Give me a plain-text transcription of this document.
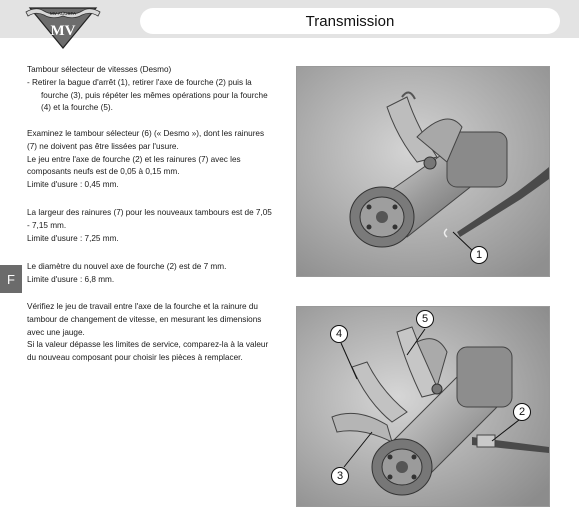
MV AGUSTA
MV
Transmission

Tambour sélecteur de vitesses (Desmo)

- Retirer la bague d'arrêt (1), retirer l'axe de fourche (2) puis la

fourche (3), puis répéter les mêmes opérations pour la fourche

(4) et la fourche (5).

Examinez le tambour sélecteur (6) (« Desmo »), dont les rainures

(7) ne doivent pas être lissées par l'usure.

Le jeu entre l'axe de fourche (2) et les rainures (7) avec les

composants neufs est de 0,05 à 0,15 mm.

Limite d'usure : 0,45 mm.

La largeur des rainures (7) pour les nouveaux tambours est de 7,05

- 7,15 mm.

Limite d'usure : 7,25 mm.

Le diamètre du nouvel axe de fourche (2) est de 7 mm.

Limite d'usure : 6,8 mm.

Vérifiez le jeu de travail entre l'axe de la fourche et la rainure du

tambour de changement de vitesse, en mesurant les dimensions

avec une jauge.

Si la valeur dépasse les limites de service, comparez-la à la valeur

du nouveau composant pour choisir les pièces à remplacer.

F
1
4
5
2
3
